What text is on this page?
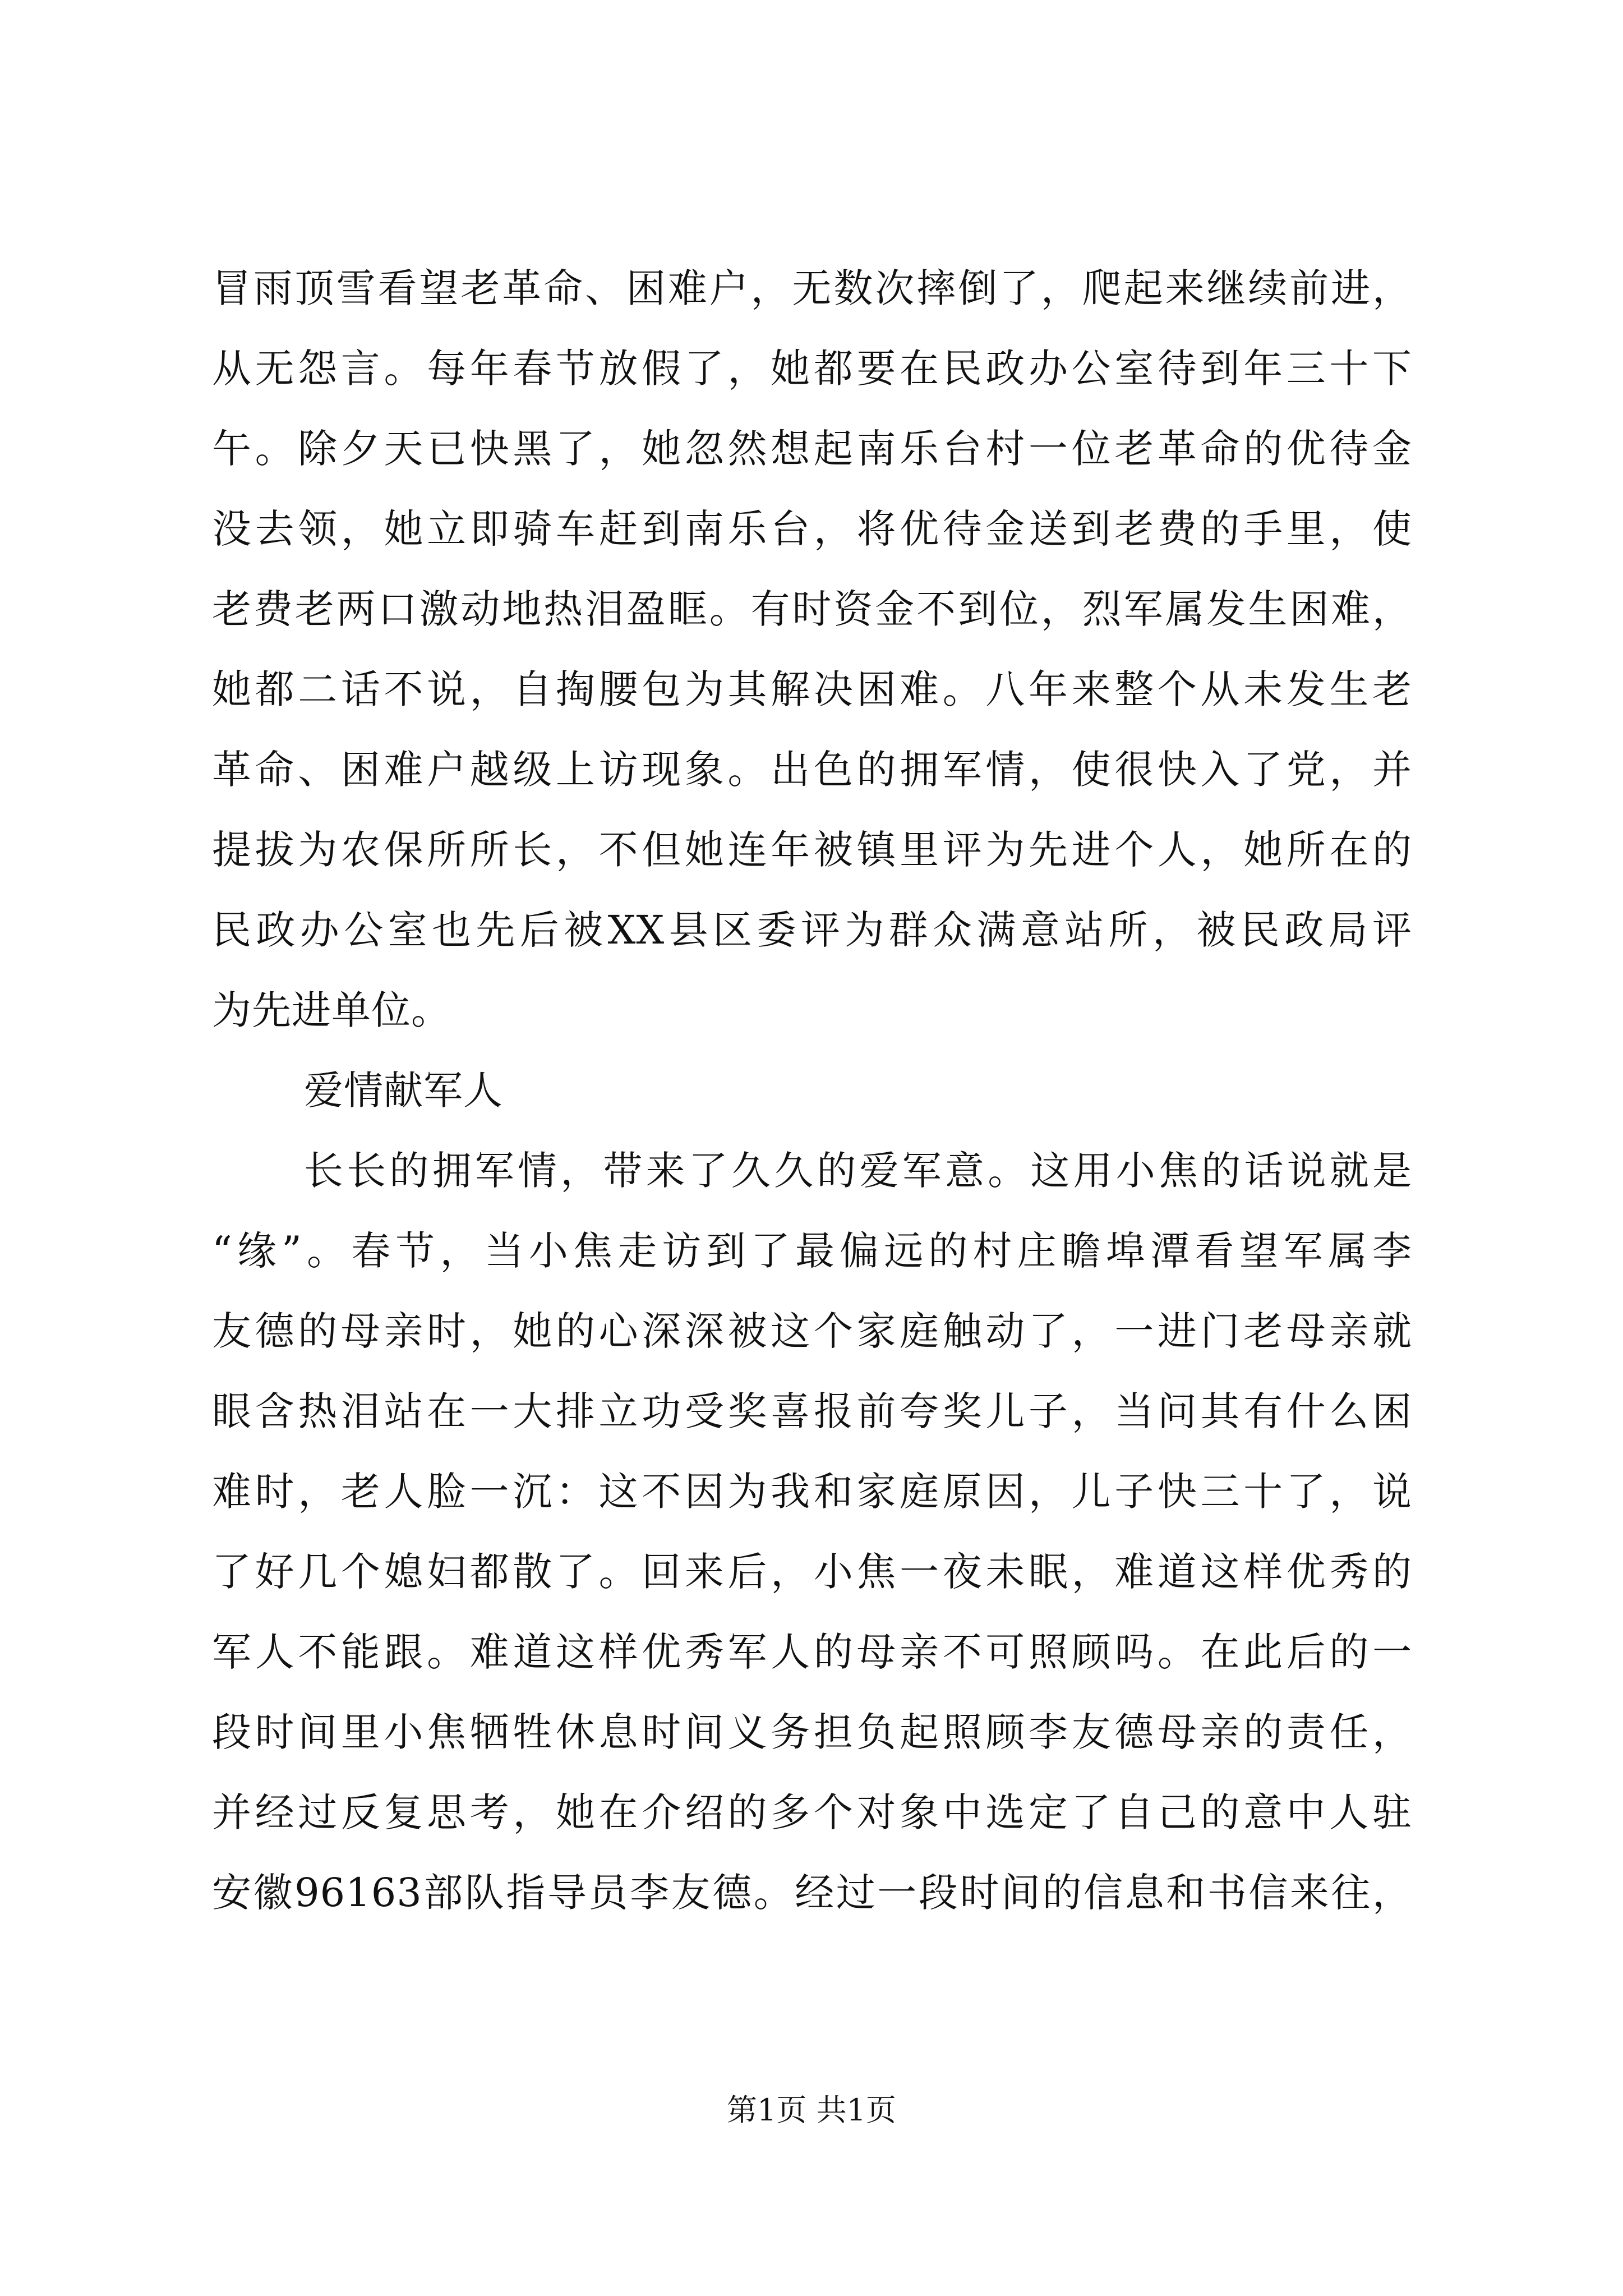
冒雨顶雪看望老革命、困难户，无数次摔倒了，爬起来继续前进，
从无怨言。每年春节放假了，她都要在民政办公室待到年三十下
午。除夕天已快黑了，她忽然想起南乐台村一位老革命的优待金
没去领，她立即骑车赶到南乐台，将优待金送到老费的手里，使
老费老两口激动地热泪盈眶。有时资金不到位，烈军属发生困难，
她都二话不说，自掏腰包为其解决困难。八年来整个从未发生老
革命、困难户越级上访现象。出色的拥军情，使很快入了党，并
提拔为农保所所长，不但她连年被镇里评为先进个人，她所在的
民政办公室也先后被XX县区委评为群众满意站所，被民政局评
为先进单位。
爱情献军人
长长的拥军情，带来了久久的爱军意。这用小焦的话说就是
“缘”。春节，当小焦走访到了最偏远的村庄瞻埠潭看望军属李
友德的母亲时，她的心深深被这个家庭触动了，一进门老母亲就
眼含热泪站在一大排立功受奖喜报前夸奖儿子，当问其有什么困
难时，老人脸一沉：这不因为我和家庭原因，儿子快三十了，说
了好几个媳妇都散了。回来后，小焦一夜未眠，难道这样优秀的
军人不能跟。难道这样优秀军人的母亲不可照顾吗。在此后的一
段时间里小焦牺牲休息时间义务担负起照顾李友德母亲的责任，
并经过反复思考，她在介绍的多个对象中选定了自己的意中人驻
安徽96163部队指导员李友德。经过一段时间的信息和书信来往，
第1页 共1页
